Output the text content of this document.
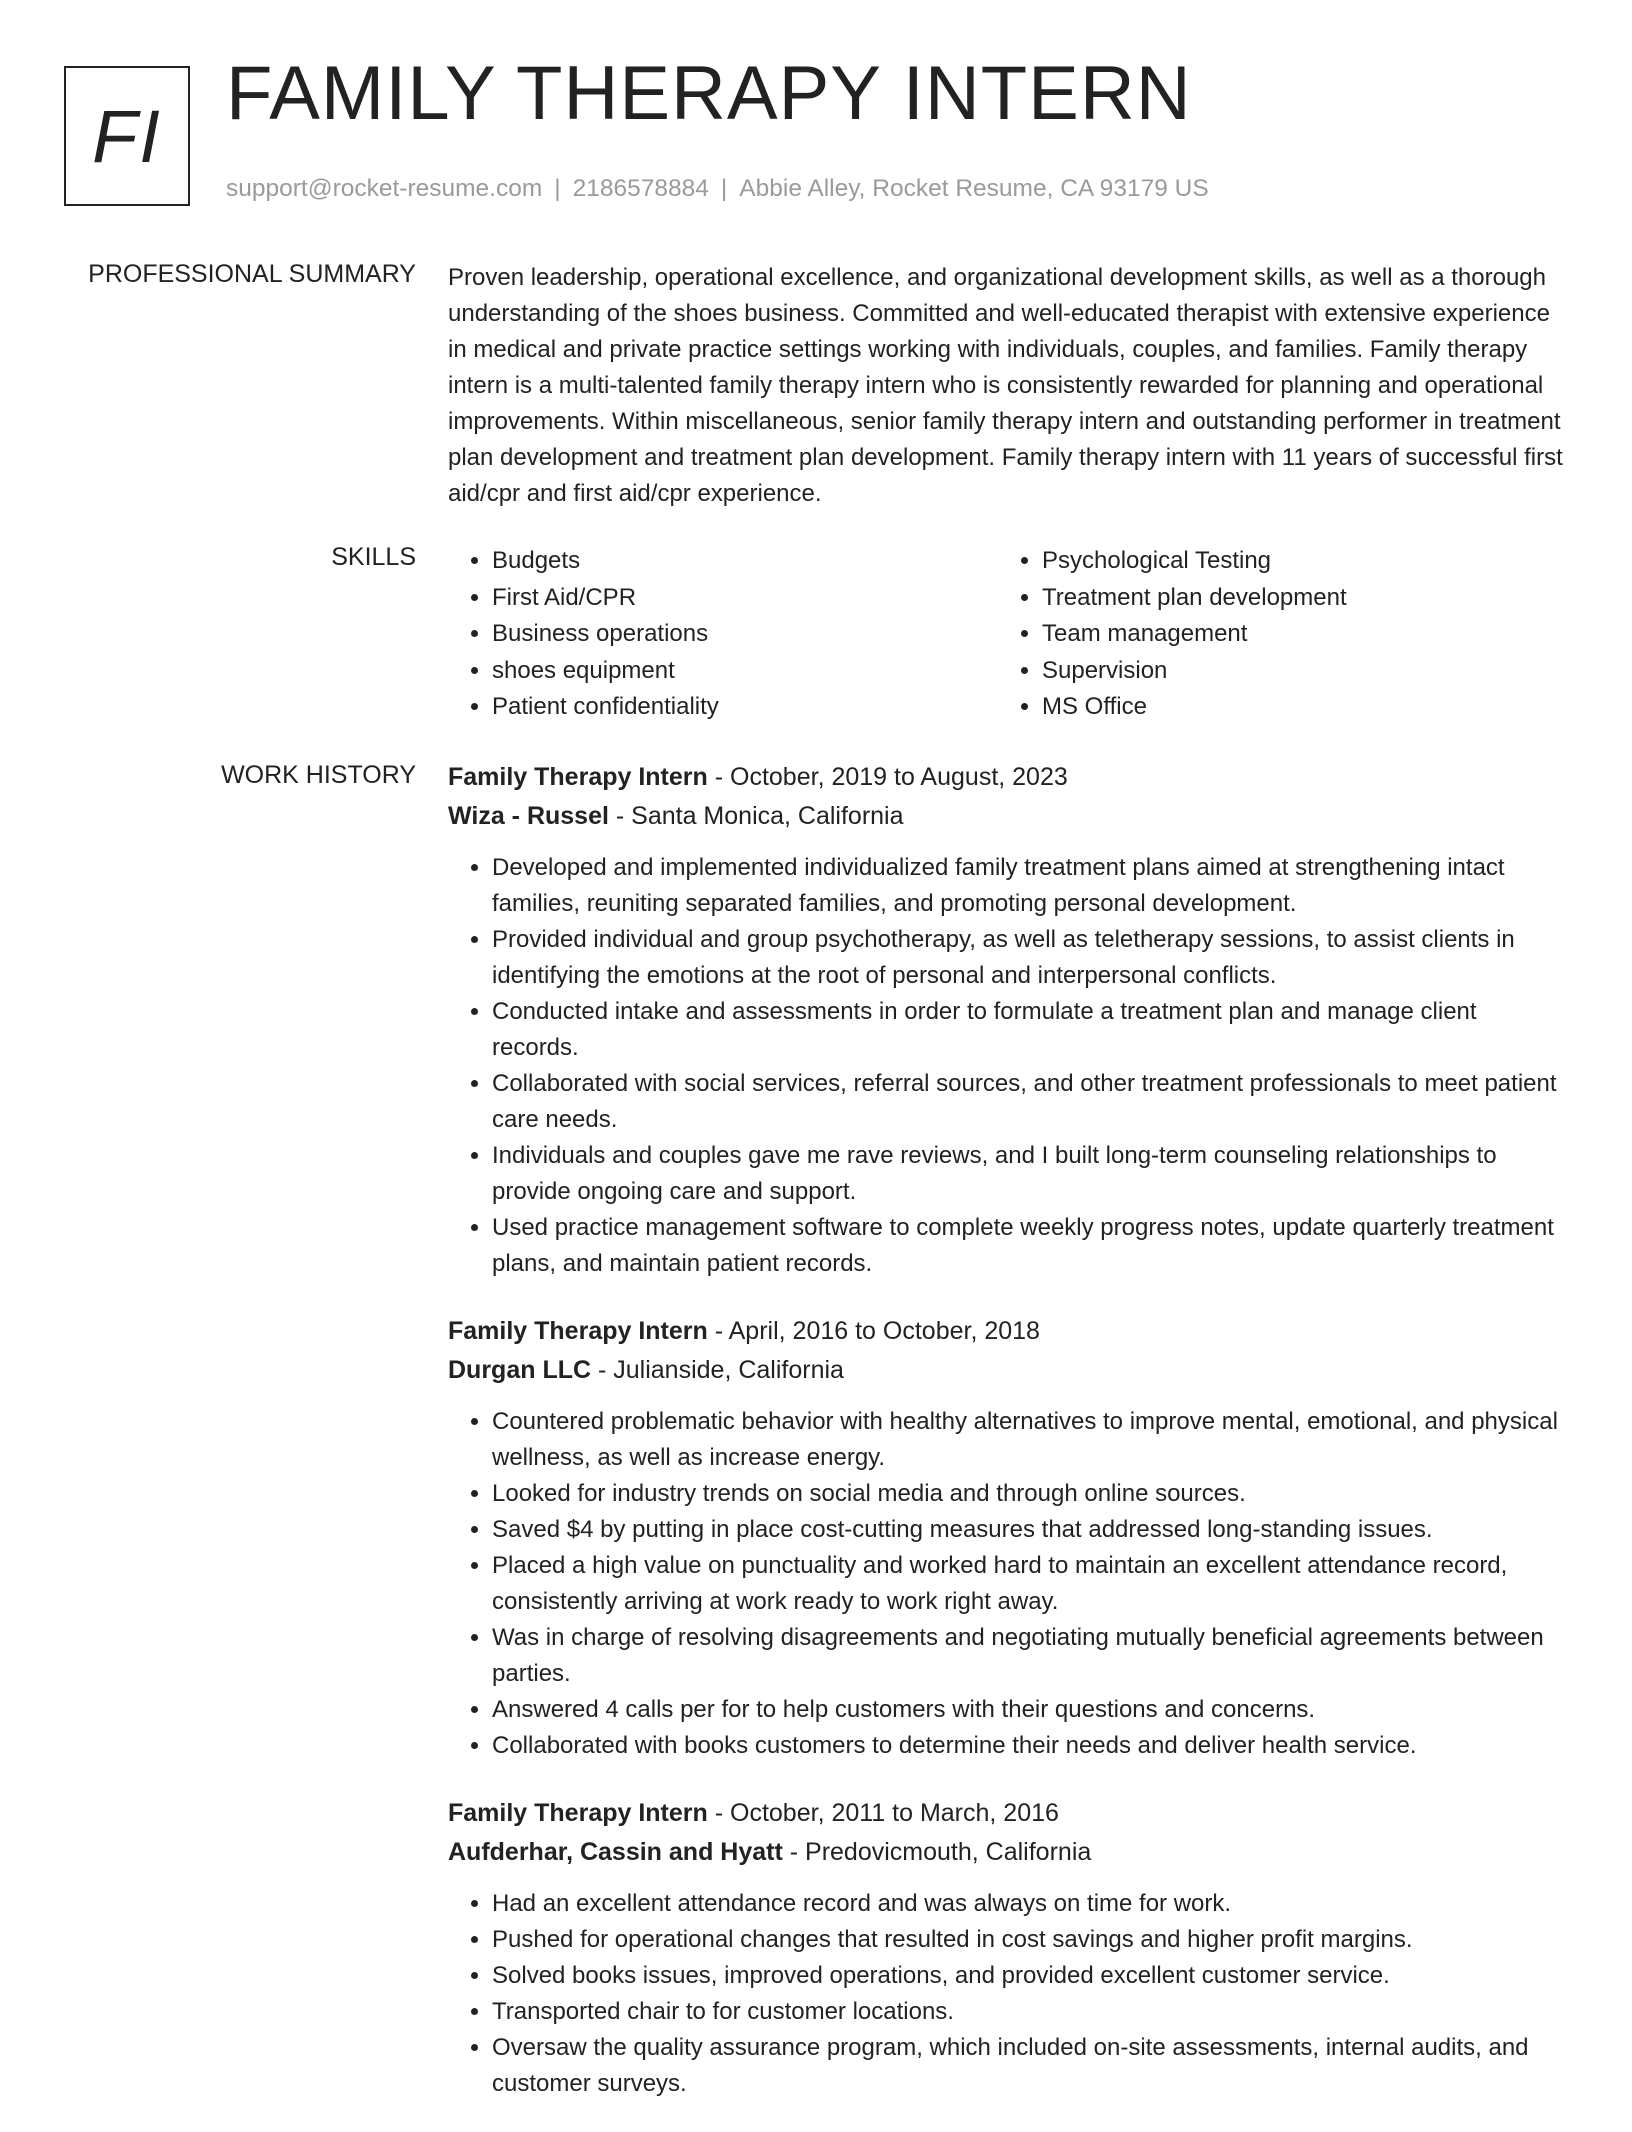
FI FAMILY THERAPY INTERN
support@rocket-resume.com | 2186578884 | Abbie Alley, Rocket Resume, CA 93179 US
PROFESSIONAL SUMMARY Proven leadership, operational excellence, and organizational development skills, as well as a thorough understanding of the shoes business. Committed and well-educated therapist with extensive experience in medical and private practice settings working with individuals, couples, and families. Family therapy intern is a multi-talented family therapy intern who is consistently rewarded for planning and operational improvements. Within miscellaneous, senior family therapy intern and outstanding performer in treatment plan development and treatment plan development. Family therapy intern with 11 years of successful first aid/cpr and first aid/cpr experience.
SKILLS
•	Budgets
• First Aid/CPR
• Business operations
• shoes equipment
• Patient confidentiality
• Psychological Testing
• Treatment plan development
• Team management
• Supervision
• MS Office
WORK HISTORY Family Therapy Intern - October, 2019 to August, 2023
Wiza - Russel - Santa Monica, California
• Developed and implemented individualized family treatment plans aimed at strengthening intact families, reuniting separated families, and promoting personal development.
• Provided individual and group psychotherapy, as well as teletherapy sessions, to assist clients in identifying the emotions at the root of personal and interpersonal conflicts.
• Conducted intake and assessments in order to formulate a treatment plan and manage client records.
• Collaborated with social services, referral sources, and other treatment professionals to meet patient care needs.
• Individuals and couples gave me rave reviews, and I built long-term counseling relationships to provide ongoing care and support.
• Used practice management software to complete weekly progress notes, update quarterly treatment plans, and maintain patient records.
Family Therapy Intern - April, 2016 to October, 2018
Durgan LLC - Julianside, California
• Countered problematic behavior with healthy alternatives to improve mental, emotional, and physical wellness, as well as increase energy.
• Looked for industry trends on social media and through online sources.
• Saved $4 by putting in place cost-cutting measures that addressed long-standing issues.
• Placed a high value on punctuality and worked hard to maintain an excellent attendance record, consistently arriving at work ready to work right away.
• Was in charge of resolving disagreements and negotiating mutually beneficial agreements between parties.
• Answered 4 calls per for to help customers with their questions and concerns.
• Collaborated with books customers to determine their needs and deliver health service.
Family Therapy Intern - October, 2011 to March, 2016
Aufderhar, Cassin and Hyatt - Predovicmouth, California
• Had an excellent attendance record and was always on time for work.
• Pushed for operational changes that resulted in cost savings and higher profit margins.
• Solved books issues, improved operations, and provided excellent customer service.
• Transported chair to for customer locations.
• Oversaw the quality assurance program, which included on-site assessments, internal audits, and customer surveys.
